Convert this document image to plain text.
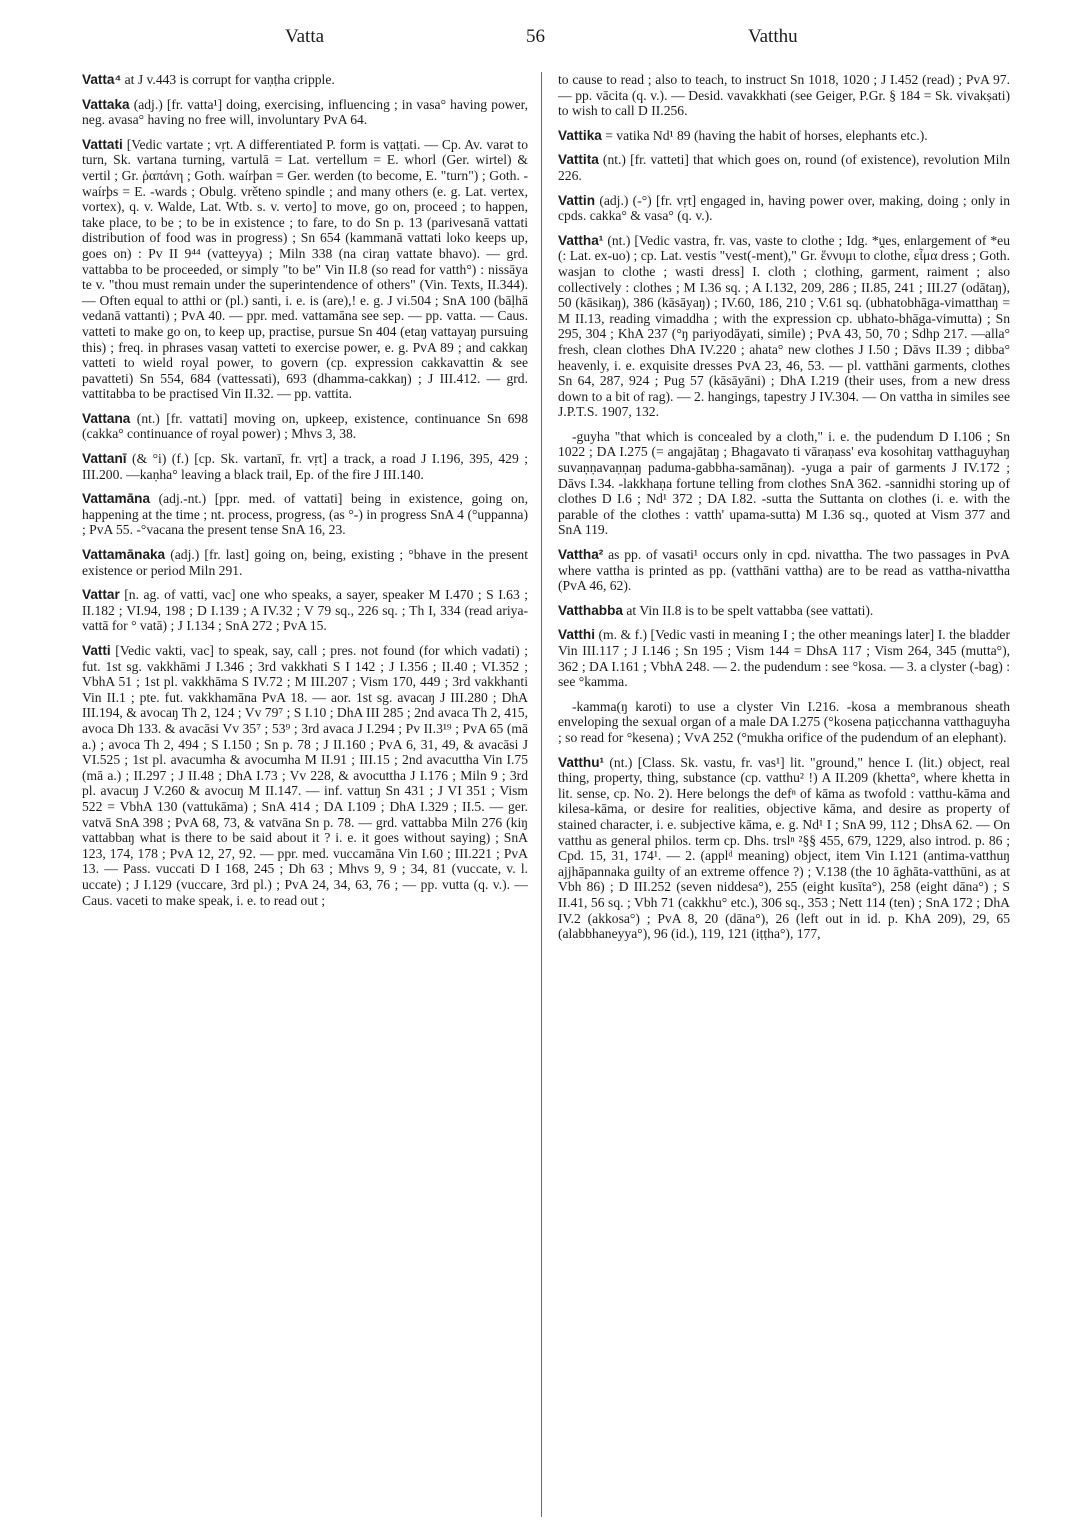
Vatta	56	Vatthu

Vatta⁴ at J v.443 is corrupt for vaṇṭha cripple.

Vattaka (adj.) [fr. vatta¹] doing, exercising, influencing ; in vasa° having power, neg. avasa° having no free will, involuntary PvA 64.

Vattati [Vedic vartate ; vṛt. A differentiated P. form is vaṭṭati. — Cp. Av. varǝt to turn, Sk. vartana turning, vartulā = Lat. vertellum = E. whorl (Ger. wirtel) & vertil ; Gr. ῥαπάνη ; Goth. waírþan = Ger. werden (to become, E. "turn") ; Goth. -waírþs = E. -wards ; Obulg. vrěteno spindle ; and many others (e. g. Lat. vertex, vortex), q. v. Walde, Lat. Wtb. s. v. verto] to move, go on, proceed ; to happen, take place, to be ; to be in existence ; to fare, to do Sn p. 13 (parivesanā vattati distribution of food was in progress) ; Sn 654 (kammanā vattati loko keeps up, goes on) : Pv II 9⁴⁴ (vatteyya) ; Miln 338 (na ciraŋ vattate bhavo). — grd. vattabba to be proceeded, or simply "to be" Vin II.8 (so read for vatth°) : nissāya te v. "thou must remain under the superintendence of others" (Vin. Texts, II.344). — Often equal to atthi or (pl.) santi, i. e. is (are),! e. g. J vi.504 ; SnA 100 (bāḷhā vedanā vattanti) ; PvA 40. — ppr. med. vattamāna see sep. — pp. vatta. — Caus. vatteti to make go on, to keep up, practise, pursue Sn 404 (etaŋ vattayaŋ pursuing this) ; freq. in phrases vasaŋ vatteti to exercise power, e. g. PvA 89 ; and cakkaŋ vatteti to wield royal power, to govern (cp. expression cakkavattin & see pavatteti) Sn 554, 684 (vattessati), 693 (dhamma-cakkaŋ) ; J III.412. — grd. vattitabba to be practised Vin II.32. — pp. vattita.

Vattana (nt.) [fr. vattati] moving on, upkeep, existence, continuance Sn 698 (cakka° continuance of royal power) ; Mhvs 3, 38.

Vattanī (& °i) (f.) [cp. Sk. vartanī, fr. vṛt] a track, a road J I.196, 395, 429 ; III.200. —kaṇha° leaving a black trail, Ep. of the fire J III.140.

Vattamāna (adj.-nt.) [ppr. med. of vattati] being in existence, going on, happening at the time ; nt. process, progress, (as °-) in progress SnA 4 (°uppanna) ; PvA 55. -°vacana the present tense SnA 16, 23.

Vattamānaka (adj.) [fr. last] going on, being, existing ; °bhave in the present existence or period Miln 291.

Vattar [n. ag. of vatti, vac] one who speaks, a sayer, speaker M I.470 ; S I.63 ; II.182 ; VI.94, 198 ; D I.139 ; A IV.32 ; V 79 sq., 226 sq. ; Th I, 334 (read ariya-vattā for ° vatā) ; J I.134 ; SnA 272 ; PvA 15.

Vatti [Vedic vakti, vac] to speak, say, call ; pres. not found (for which vadati) ; fut. 1st sg. vakkhāmi J I.346 ; 3rd vakkhati S I 142 ; J I.356 ; II.40 ; VI.352 ; VbhA 51 ; 1st pl. vakkhāma S IV.72 ; M III.207 ; Vism 170, 449 ; 3rd vakkhanti Vin II.1 ; pte. fut. vakkhamāna PvA 18. — aor. 1st sg. avacaŋ J III.280 ; DhA III.194, & avocaŋ Th 2, 124 ; Vv 79⁷ ; S I.10 ; DhA III 285 ; 2nd avaca Th 2, 415, avoca Dh 133. & avacāsi Vv 35⁷ ; 53⁹ ; 3rd avaca J I.294 ; Pv II.3¹⁹ ; PvA 65 (mā a.) ; avoca Th 2, 494 ; S I.150 ; Sn p. 78 ; J II.160 ; PvA 6, 31, 49, & avacāsi J VI.525 ; 1st pl. avacumha & avocumha M II.91 ; III.15 ; 2nd avacuttha Vin I.75 (mā a.) ; II.297 ; J II.48 ; DhA I.73 ; Vv 228, & avocuttha J I.176 ; Miln 9 ; 3rd pl. avacuŋ J V.260 & avocuŋ M II.147. — inf. vattuŋ Sn 431 ; J VI 351 ; Vism 522 = VbhA 130 (vattukāma) ; SnA 414 ; DA I.109 ; DhA I.329 ; II.5. — ger. vatvā SnA 398 ; PvA 68, 73, & vatvāna Sn p. 78. — grd. vattabba Miln 276 (kiŋ vattabbaŋ what is there to be said about it ? i. e. it goes without saying) ; SnA 123, 174, 178 ; PvA 12, 27, 92. — ppr. med. vuccamāna Vin I.60 ; III.221 ; PvA 13. — Pass. vuccati D I 168, 245 ; Dh 63 ; Mhvs 9, 9 ; 34, 81 (vuccate, v. l. uccate) ; J I.129 (vuccare, 3rd pl.) ; PvA 24, 34, 63, 76 ; — pp. vutta (q. v.). — Caus. vaceti to make speak, i. e. to read out ;

to cause to read ; also to teach, to instruct Sn 1018, 1020 ; J I.452 (read) ; PvA 97. — pp. vācita (q. v.). — Desid. vavakkhati (see Geiger, P.Gr. § 184 = Sk. vivakṣati) to wish to call D II.256.

Vattika = vatika Nd¹ 89 (having the habit of horses, elephants etc.).

Vattita (nt.) [fr. vatteti] that which goes on, round (of existence), revolution Miln 226.

Vattin (adj.) (-°) [fr. vṛt] engaged in, having power over, making, doing ; only in cpds. cakka° & vasa° (q. v.).

Vattha¹ (nt.) [Vedic vastra, fr. vas, vaste to clothe ; Idg. *ṷes, enlargement of *eu (: Lat. ex-uo) ; cp. Lat. vestis "vest(-ment)," Gr. ἕννυμι to clothe, εἷμα dress ; Goth. wasjan to clothe ; wasti dress] I. cloth ; clothing, garment, raiment ; also collectively : clothes ; M I.36 sq. ; A I.132, 209, 286 ; II.85, 241 ; III.27 (odātaŋ), 50 (kāsikaŋ), 386 (kāsāyaŋ) ; IV.60, 186, 210 ; V.61 sq. (ubhatobhāga-vimatthaŋ = M II.13, reading vimaddha ; with the expression cp. ubhato-bhāga-vimutta) ; Sn 295, 304 ; KhA 237 (°ŋ pariyodāyati, simile) ; PvA 43, 50, 70 ; Sdhp 217. —alla° fresh, clean clothes DhA IV.220 ; ahata° new clothes J I.50 ; Dāvs II.39 ; dibba° heavenly, i. e. exquisite dresses PvA 23, 46, 53. — pl. vatthāni garments, clothes Sn 64, 287, 924 ; Pug 57 (kāsāyāni) ; DhA I.219 (their uses, from a new dress down to a bit of rag). — 2. hangings, tapestry J IV.304. — On vattha in similes see J.P.T.S. 1907, 132.

-guyha "that which is concealed by a cloth," i. e. the pudendum D I.106 ; Sn 1022 ; DA I.275 (= angajātaŋ ; Bhagavato ti vāraṇass' eva kosohitaŋ vatthaguyhaŋ suvaṇṇavaṇṇaŋ paduma-gabbha-samānaŋ). -yuga a pair of garments J IV.172 ; Dāvs I.34. -lakkhaṇa fortune telling from clothes SnA 362. -sannidhi storing up of clothes D I.6 ; Nd¹ 372 ; DA I.82. -sutta the Suttanta on clothes (i. e. with the parable of the clothes : vatth' upama-sutta) M I.36 sq., quoted at Vism 377 and SnA 119.

Vattha² as pp. of vasati¹ occurs only in cpd. nivattha. The two passages in PvA where vattha is printed as pp. (vatthāni vattha) are to be read as vattha-nivattha (PvA 46, 62).

Vatthabba at Vin II.8 is to be spelt vattabba (see vattati).

Vatthi (m. & f.) [Vedic vasti in meaning I ; the other meanings later] I. the bladder Vin III.117 ; J I.146 ; Sn 195 ; Vism 144 = DhsA 117 ; Vism 264, 345 (mutta°), 362 ; DA I.161 ; VbhA 248. — 2. the pudendum : see °kosa. — 3. a clyster (-bag) : see °kamma.

-kamma(ŋ karoti) to use a clyster Vin I.216. -kosa a membranous sheath enveloping the sexual organ of a male DA I.275 (°kosena paṭicchanna vatthaguyha ; so read for °kesena) ; VvA 252 (°mukha orifice of the pudendum of an elephant).

Vatthu¹ (nt.) [Class. Sk. vastu, fr. vas¹] lit. "ground," hence I. (lit.) object, real thing, property, thing, substance (cp. vatthu² !) A II.209 (khetta°, where khetta in lit. sense, cp. No. 2). Here belongs the defⁿ of kāma as twofold : vatthu-kāma and kilesa-kāma, or desire for realities, objective kāma, and desire as property of stained character, i. e. subjective kāma, e. g. Nd¹ I ; SnA 99, 112 ; DhsA 62. — On vatthu as general philos. term cp. Dhs. trslⁿ ²§§ 455, 679, 1229, also introd. p. 86 ; Cpd. 15, 31, 174¹. — 2. (applᵈ meaning) object, item Vin I.121 (antima-vatthuŋ ajjhāpannaka guilty of an extreme offence ?) ; V.138 (the 10 āghāta-vatthūni, as at Vbh 86) ; D III.252 (seven niddesa°), 255 (eight kusīta°), 258 (eight dāna°) ; S II.41, 56 sq. ; Vbh 71 (cakkhu° etc.), 306 sq., 353 ; Nett 114 (ten) ; SnA 172 ; DhA IV.2 (akkosa°) ; PvA 8, 20 (dāna°), 26 (left out in id. p. KhA 209), 29, 65 (alabbhaneyya°), 96 (id.), 119, 121 (iṭṭha°), 177,
